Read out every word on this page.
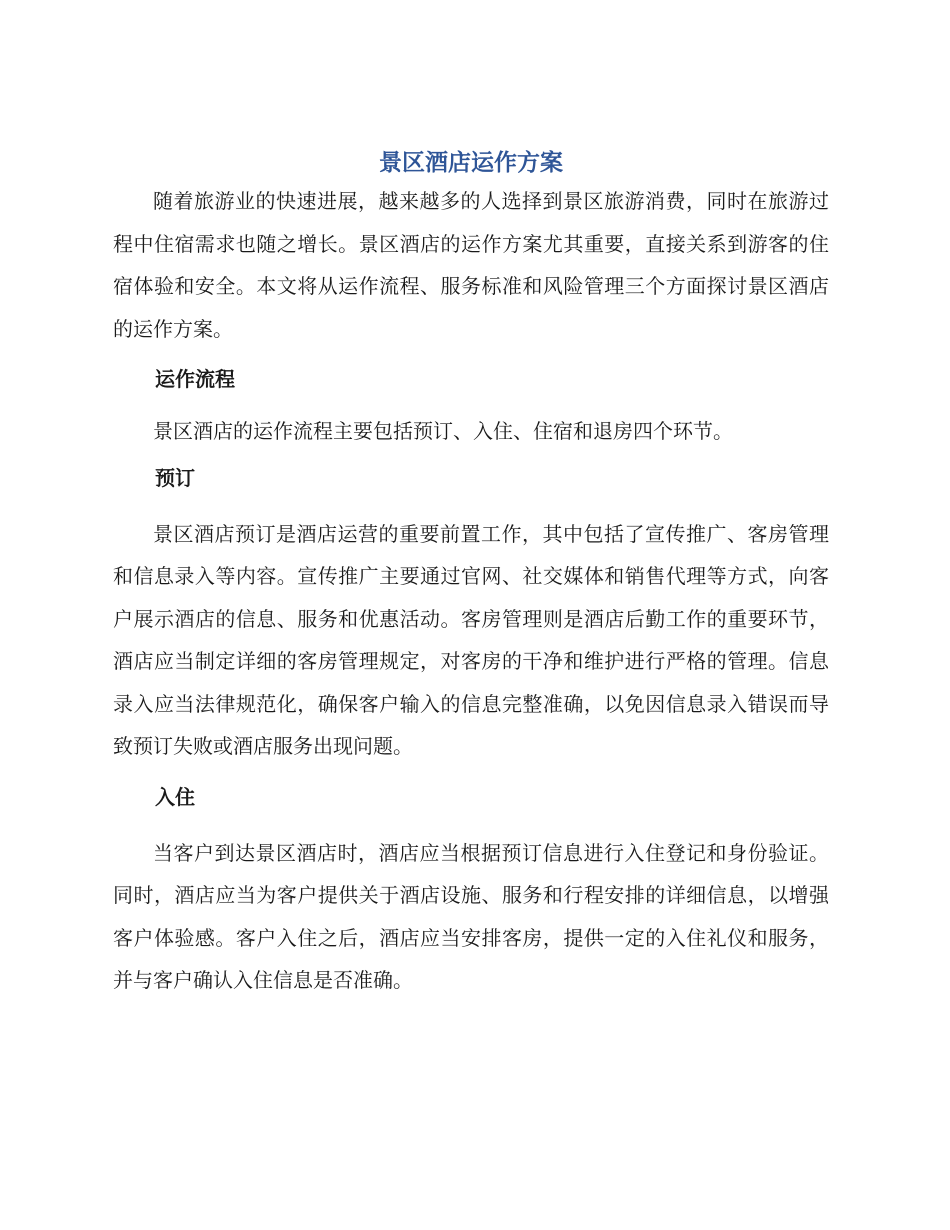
景区酒店运作方案

随着旅游业的快速进展，越来越多的人选择到景区旅游消费，同时在旅游过程中住宿需求也随之增长。景区酒店的运作方案尤其重要，直接关系到游客的住宿体验和安全。本文将从运作流程、服务标准和风险管理三个方面探讨景区酒店的运作方案。

运作流程

景区酒店的运作流程主要包括预订、入住、住宿和退房四个环节。

预订

景区酒店预订是酒店运营的重要前置工作，其中包括了宣传推广、客房管理和信息录入等内容。宣传推广主要通过官网、社交媒体和销售代理等方式，向客户展示酒店的信息、服务和优惠活动。客房管理则是酒店后勤工作的重要环节，酒店应当制定详细的客房管理规定，对客房的干净和维护进行严格的管理。信息录入应当法律规范化，确保客户输入的信息完整准确，以免因信息录入错误而导致预订失败或酒店服务出现问题。

入住

当客户到达景区酒店时，酒店应当根据预订信息进行入住登记和身份验证。同时，酒店应当为客户提供关于酒店设施、服务和行程安排的详细信息，以增强客户体验感。客户入住之后，酒店应当安排客房，提供一定的入住礼仪和服务，并与客户确认入住信息是否准确。
